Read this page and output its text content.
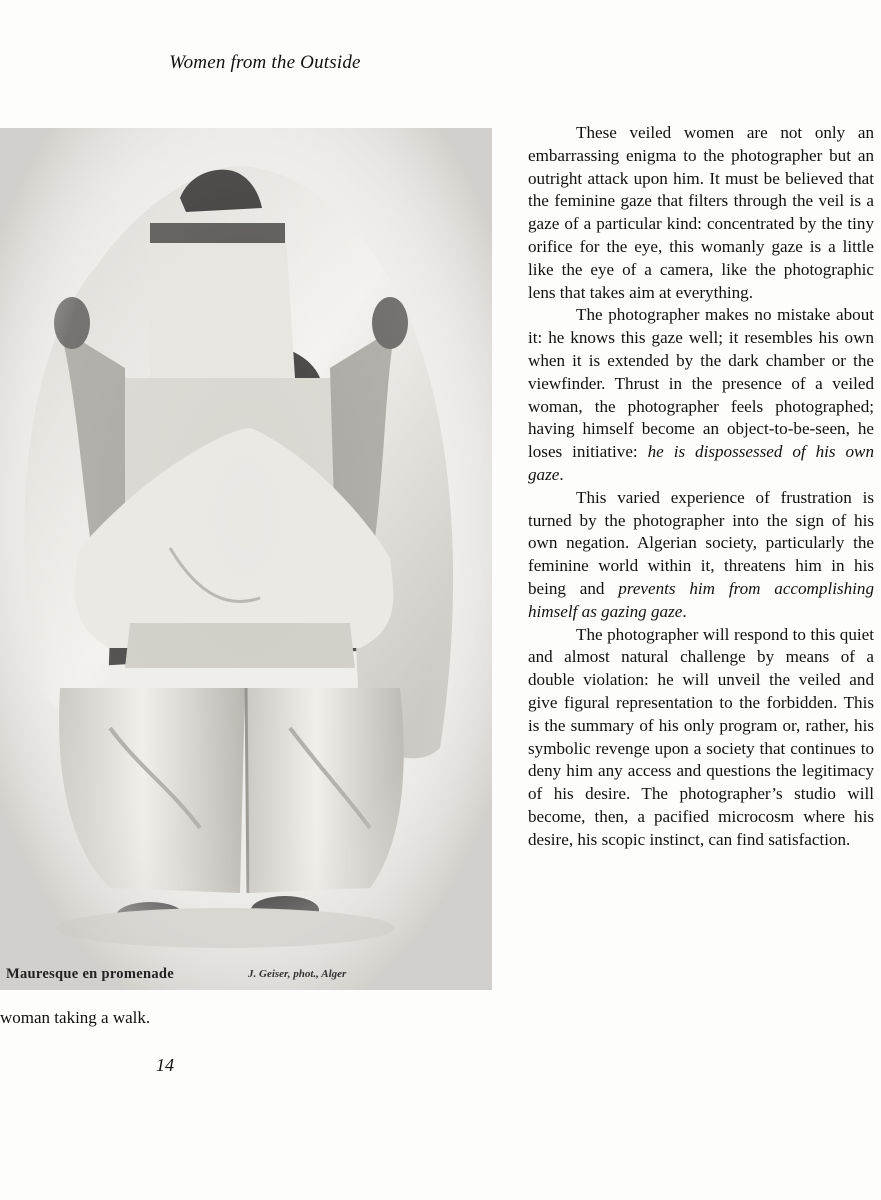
Women from the Outside
Mauresque en promenade	J. Geiser, phot., Alger
woman taking a walk.
14

These veiled women are not only an embarrassing enigma to the photographer but an outright attack upon him. It must be believed that the feminine gaze that filters through the veil is a gaze of a particular kind: concentrated by the tiny orifice for the eye, this womanly gaze is a little like the eye of a camera, like the photographic lens that takes aim at everything.

The photographer makes no mistake about it: he knows this gaze well; it resembles his own when it is extended by the dark chamber or the viewfinder. Thrust in the presence of a veiled woman, the photographer feels photographed; having himself become an object-to-be-seen, he loses initiative: he is dispossessed of his own gaze.

This varied experience of frustration is turned by the photographer into the sign of his own negation. Algerian society, particularly the feminine world within it, threatens him in his being and prevents him from accomplishing himself as gazing gaze.

The photographer will respond to this quiet and almost natural challenge by means of a double violation: he will unveil the veiled and give figural representation to the forbidden. This is the summary of his only program or, rather, his symbolic revenge upon a society that continues to deny him any access and questions the legitimacy of his desire. The photographer’s studio will become, then, a pacified microcosm where his desire, his scopic instinct, can find satisfaction.
